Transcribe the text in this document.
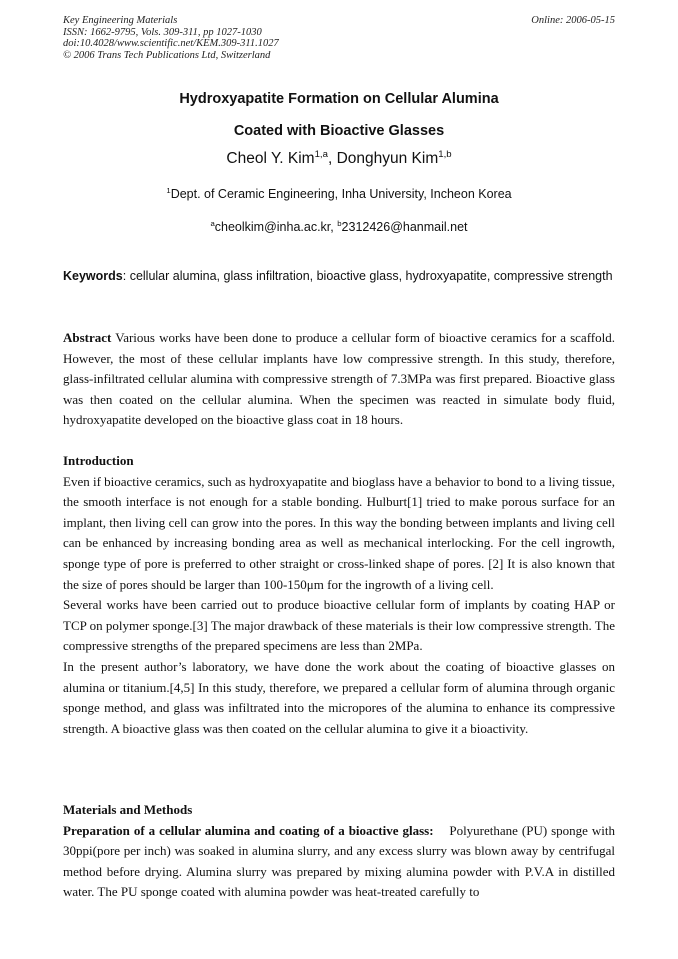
Key Engineering Materials
ISSN: 1662-9795, Vols. 309-311, pp 1027-1030
doi:10.4028/www.scientific.net/KEM.309-311.1027
© 2006 Trans Tech Publications Ltd, Switzerland
Online: 2006-05-15
Hydroxyapatite Formation on Cellular Alumina
Coated with Bioactive Glasses
Cheol Y. Kim$^{1,a}$, Donghyun Kim$^{1,b}$
$^1$Dept. of Ceramic Engineering, Inha University, Incheon Korea
$^a$cheolkim@inha.ac.kr, $^b$2312426@hanmail.net
Keywords: cellular alumina, glass infiltration, bioactive glass, hydroxyapatite, compressive strength

Abstract Various works have been done to produce a cellular form of bioactive ceramics for a scaffold. However, the most of these cellular implants have low compressive strength. In this study, therefore, glass-infiltrated cellular alumina with compressive strength of 7.3MPa was first prepared. Bioactive glass was then coated on the cellular alumina. When the specimen was reacted in simulate body fluid, hydroxyapatite developed on the bioactive glass coat in 18 hours.

Introduction

Even if bioactive ceramics, such as hydroxyapatite and bioglass have a behavior to bond to a living tissue, the smooth interface is not enough for a stable bonding. Hulburt[1] tried to make porous surface for an implant, then living cell can grow into the pores. In this way the bonding between implants and living cell can be enhanced by increasing bonding area as well as mechanical interlocking. For the cell ingrowth, sponge type of pore is preferred to other straight or cross-linked shape of pores. [2] It is also known that the size of pores should be larger than 100-150μm for the ingrowth of a living cell.

Several works have been carried out to produce bioactive cellular form of implants by coating HAP or TCP on polymer sponge.[3] The major drawback of these materials is their low compressive strength. The compressive strengths of the prepared specimens are less than 2MPa.

In the present author’s laboratory, we have done the work about the coating of bioactive glasses on alumina or titanium.[4,5] In this study, therefore, we prepared a cellular form of alumina through organic sponge method, and glass was infiltrated into the micropores of the alumina to enhance its compressive strength. A bioactive glass was then coated on the cellular alumina to give it a bioactivity.

Materials and Methods

Preparation of a cellular alumina and coating of a bioactive glass:    Polyurethane (PU) sponge with 30ppi(pore per inch) was soaked in alumina slurry, and any excess slurry was blown away by centrifugal method before drying. Alumina slurry was prepared by mixing alumina powder with P.V.A in distilled water. The PU sponge coated with alumina powder was heat-treated carefully to
